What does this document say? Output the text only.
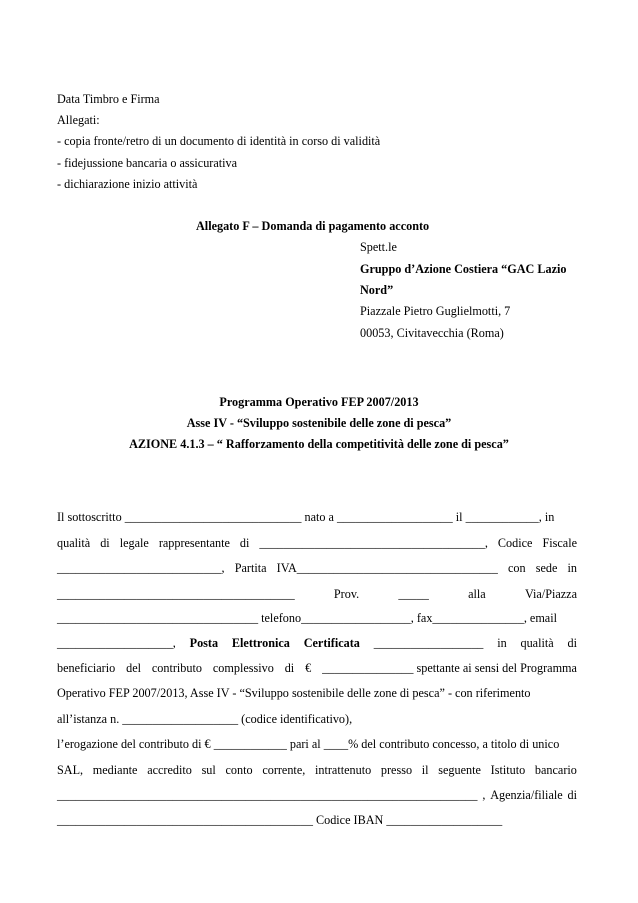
Data Timbro e Firma
Allegati:
- copia fronte/retro di un documento di identità in corso di validità
- fidejussione bancaria o assicurativa
- dichiarazione inizio attività
Allegato F – Domanda di pagamento acconto
Spett.le
Gruppo d’Azione Costiera “GAC Lazio
Nord”
Piazzale Pietro Guglielmotti, 7
00053, Civitavecchia (Roma)
Programma Operativo FEP 2007/2013
Asse IV - “Sviluppo sostenibile delle zone di pesca”
AZIONE 4.1.3 – “ Rafforzamento della competitività delle zone di pesca”
Il sottoscritto _____________________________ nato a ___________________ il ____________, in
qualità di legale rappresentante di _____________________________________, Codice Fiscale
___________________________, Partita IVA_________________________________ con sede in
_______________________________________	Prov.	_____	alla	Via/Piazza
_________________________________ telefono__________________, fax_______________, email
___________________, Posta Elettronica Certificata __________________ in qualità di
beneficiario del contributo complessivo di € _______________ spettante ai sensi del Programma
Operativo FEP 2007/2013, Asse IV - “Sviluppo sostenibile delle zone di pesca” - con riferimento
all’istanza n. ___________________ (codice identificativo),
l’erogazione del contributo di € ____________ pari al ____% del contributo concesso, a titolo di unico
SAL, mediante accredito sul conto corrente, intrattenuto presso il seguente Istituto bancario
_____________________________________________________________________ , Agenzia/filiale di
__________________________________________ Codice IBAN ___________________
